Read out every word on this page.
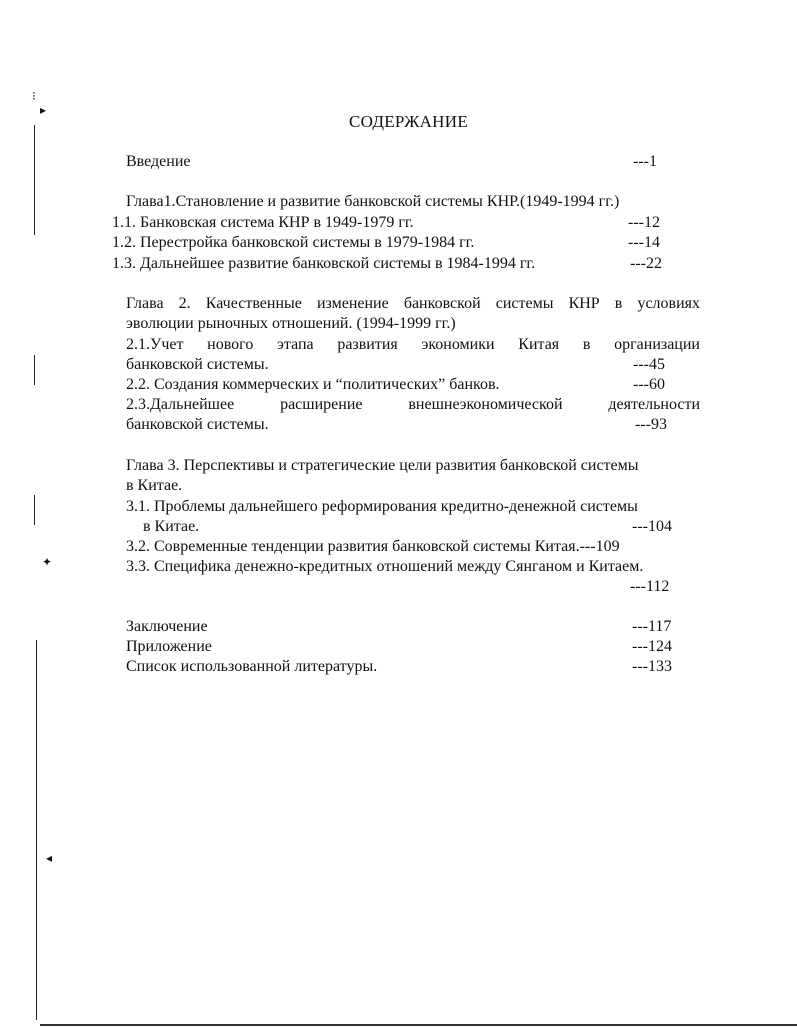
⁝
▸
✦
◂
СОДЕРЖАНИЕ
Введение	---1
Глава1.Становление и развитие банковской системы КНР.(1949-1994 гг.)
1.1. Банковская система КНР в 1949-1979 гг.	---12
1.2. Перестройка банковской системы в 1979-1984 гг.	---14
1.3. Дальнейшее развитие банковской системы в 1984-1994 гг.	---22
Глава 2. Качественные изменение банковской системы КНР в условиях
эволюции рыночных отношений. (1994-1999 гг.)
2.1.Учет нового этапа развития экономики Китая в организации
банковской системы.	---45
2.2. Создания коммерческих и “политических” банков.	---60
2.3.Дальнейшее расширение внешнеэкономической деятельности
банковской системы.	---93
Глава 3. Перспективы и стратегические цели развития банковской системы
в Китае.
3.1. Проблемы дальнейшего реформирования кредитно-денежной системы
в Китае.	---104
3.2. Современные тенденции развития банковской системы Китая.---109
3.3. Специфика денежно-кредитных отношений между Сянганом и Китаем.
---112
Заключение	---117
Приложение	---124
Список использованной литературы.	---133
